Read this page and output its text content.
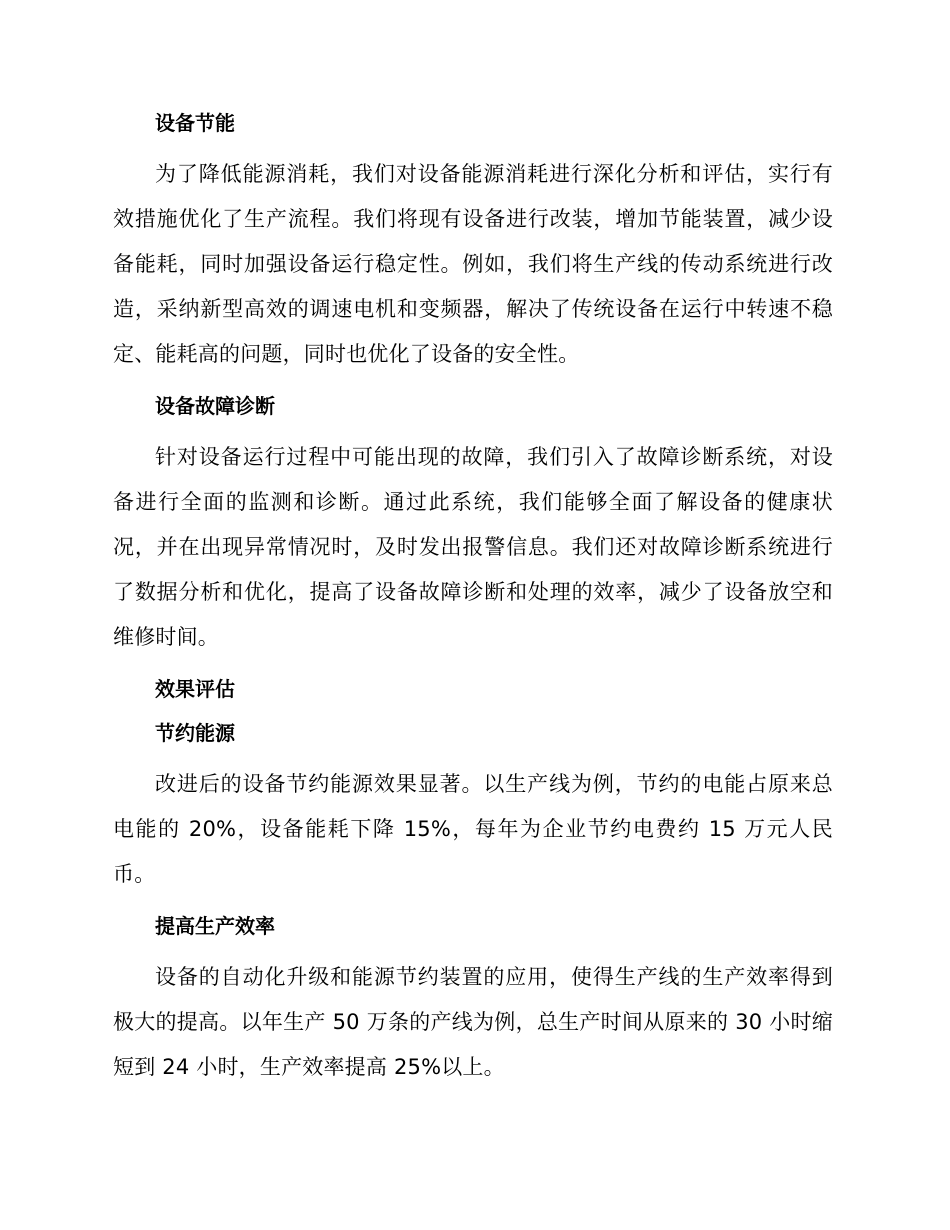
设备节能
为了降低能源消耗，我们对设备能源消耗进行深化分析和评估，实行有效措施优化了生产流程。我们将现有设备进行改装，增加节能装置，减少设备能耗，同时加强设备运行稳定性。例如，我们将生产线的传动系统进行改造，采纳新型高效的调速电机和变频器，解决了传统设备在运行中转速不稳定、能耗高的问题，同时也优化了设备的安全性。
设备故障诊断
针对设备运行过程中可能出现的故障，我们引入了故障诊断系统，对设备进行全面的监测和诊断。通过此系统，我们能够全面了解设备的健康状况，并在出现异常情况时，及时发出报警信息。我们还对故障诊断系统进行了数据分析和优化，提高了设备故障诊断和处理的效率，减少了设备放空和维修时间。
效果评估
节约能源
改进后的设备节约能源效果显著。以生产线为例，节约的电能占原来总电能的 20%，设备能耗下降 15%，每年为企业节约电费约 15 万元人民币。
提高生产效率
设备的自动化升级和能源节约装置的应用，使得生产线的生产效率得到极大的提高。以年生产 50 万条的产线为例，总生产时间从原来的 30 小时缩短到 24 小时，生产效率提高 25%以上。
